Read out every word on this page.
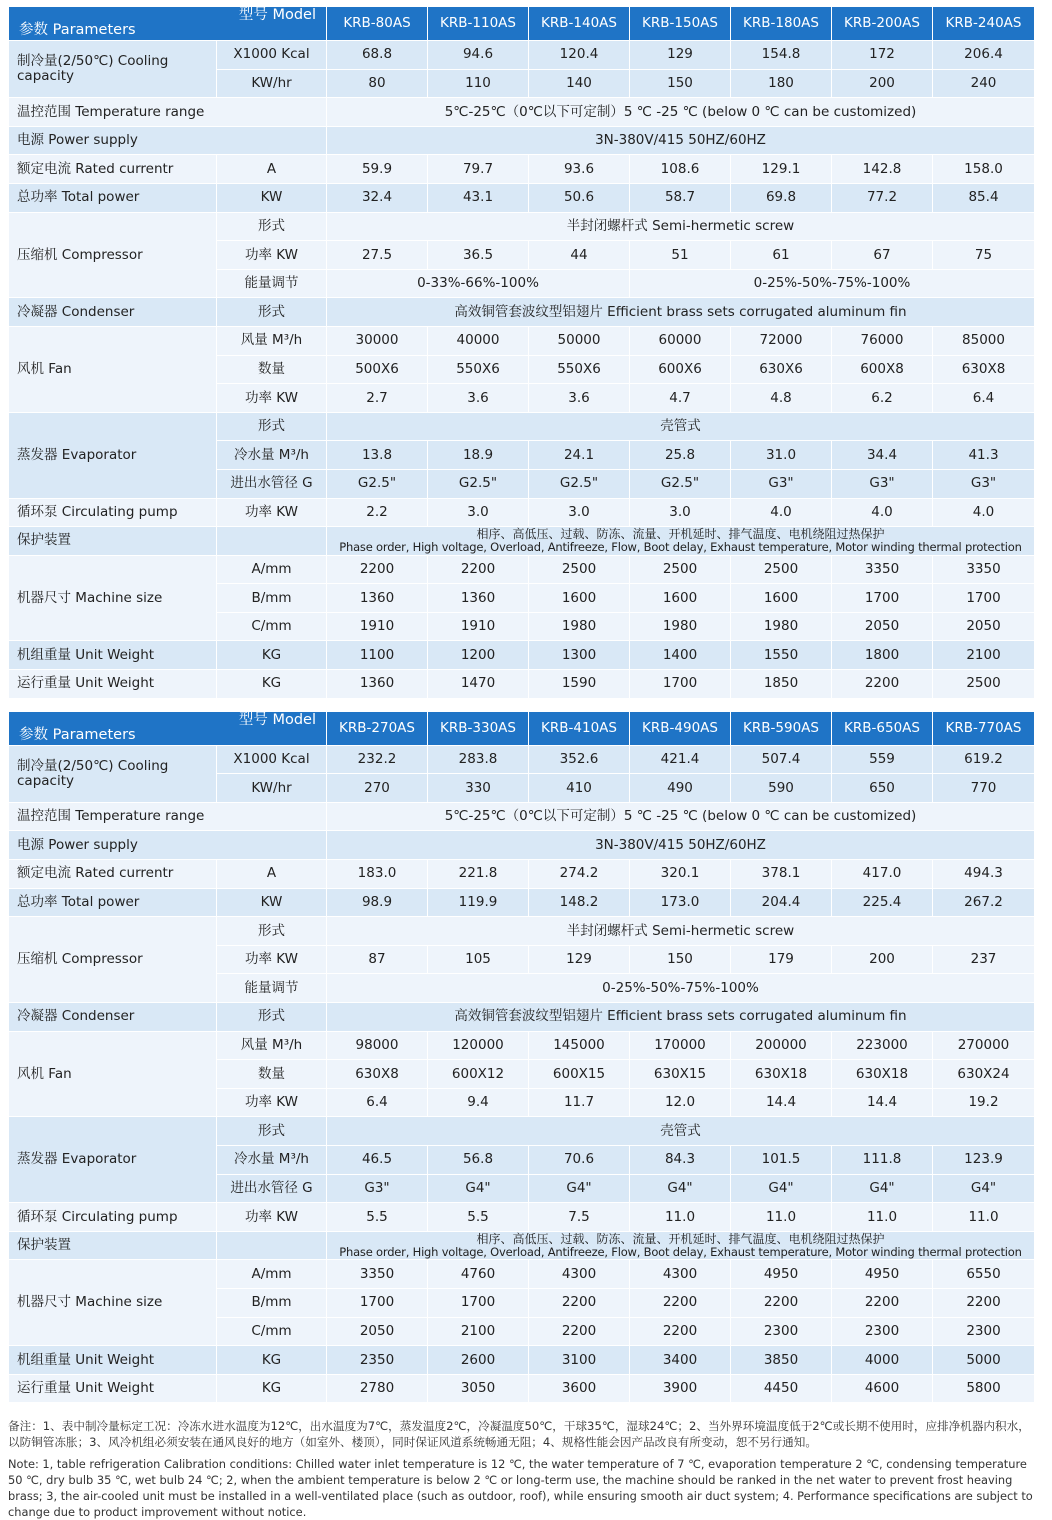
型号 Model
参数 Parameters		KRB-80AS	KRB-110AS	KRB-140AS	KRB-150AS	KRB-180AS	KRB-200AS	KRB-240AS
制冷量(2/50℃) Cooling capacity	X1000 Kcal	68.8	94.6	120.4	129	154.8	172	206.4
	KW/hr	80	110	140	150	180	200	240
温控范围 Temperature range		5℃-25℃（0℃以下可定制）5 ℃ -25 ℃ (below 0 ℃ can be customized)						
电源 Power supply		3N-380V/415 50HZ/60HZ						
额定电流 Rated currentr	A	59.9	79.7	93.6	108.6	129.1	142.8	158.0
总功率 Total power	KW	32.4	43.1	50.6	58.7	69.8	77.2	85.4
压缩机 Compressor	形式	半封闭螺杆式 Semi-hermetic screw						
	功率 KW	27.5	36.5	44	51	61	67	75
	能量调节	0-33%-66%-100%			0-25%-50%-75%-100%			
冷凝器 Condenser	形式	高效铜管套波纹型铝翅片 Efficient brass sets corrugated aluminum fin						
风机 Fan	风量 M³/h	30000	40000	50000	60000	72000	76000	85000
	数量	500X6	550X6	550X6	600X6	630X6	600X8	630X8
	功率 KW	2.7	3.6	3.6	4.7	4.8	6.2	6.4
蒸发器 Evaporator	形式	壳管式						
	冷水量 M³/h	13.8	18.9	24.1	25.8	31.0	34.4	41.3
	进出水管径 G	G2.5"	G2.5"	G2.5"	G2.5"	G3"	G3"	G3"
循环泵 Circulating pump	功率 KW	2.2	3.0	3.0	3.0	4.0	4.0	4.0
保护装置		相序、高低压、过载、防冻、流量、开机延时、排气温度、电机绕阻过热保护
Phase order, High voltage, Overload, Antifreeze, Flow, Boot delay, Exhaust temperature, Motor winding thermal protection						

机器尺寸 Machine size	A/mm	2200	2200	2500	2500	2500	3350	3350
	B/mm	1360	1360	1600	1600	1600	1700	1700
	C/mm	1910	1910	1980	1980	1980	2050	2050
机组重量 Unit Weight	KG	1100	1200	1300	1400	1550	1800	2100
运行重量 Unit Weight	KG	1360	1470	1590	1700	1850	2200	2500
型号 Model
参数 Parameters		KRB-270AS	KRB-330AS	KRB-410AS	KRB-490AS	KRB-590AS	KRB-650AS	KRB-770AS
制冷量(2/50℃) Cooling capacity	X1000 Kcal	232.2	283.8	352.6	421.4	507.4	559	619.2
	KW/hr	270	330	410	490	590	650	770
温控范围 Temperature range		5℃-25℃（0℃以下可定制）5 ℃ -25 ℃ (below 0 ℃ can be customized)						
电源 Power supply		3N-380V/415 50HZ/60HZ						
额定电流 Rated currentr	A	183.0	221.8	274.2	320.1	378.1	417.0	494.3
总功率 Total power	KW	98.9	119.9	148.2	173.0	204.4	225.4	267.2
压缩机 Compressor	形式	半封闭螺杆式 Semi-hermetic screw						
	功率 KW	87	105	129	150	179	200	237
	能量调节	0-25%-50%-75%-100%						
冷凝器 Condenser	形式	高效铜管套波纹型铝翅片 Efficient brass sets corrugated aluminum fin						
风机 Fan	风量 M³/h	98000	120000	145000	170000	200000	223000	270000
	数量	630X8	600X12	600X15	630X15	630X18	630X18	630X24
	功率 KW	6.4	9.4	11.7	12.0	14.4	14.4	19.2
蒸发器 Evaporator	形式	壳管式						
	冷水量 M³/h	46.5	56.8	70.6	84.3	101.5	111.8	123.9
	进出水管径 G	G3"	G4"	G4"	G4"	G4"	G4"	G4"
循环泵 Circulating pump	功率 KW	5.5	5.5	7.5	11.0	11.0	11.0	11.0
保护装置		相序、高低压、过载、防冻、流量、开机延时、排气温度、电机绕阻过热保护
Phase order, High voltage, Overload, Antifreeze, Flow, Boot delay, Exhaust temperature, Motor winding thermal protection						

机器尺寸 Machine size	A/mm	3350	4760	4300	4300	4950	4950	6550
	B/mm	1700	1700	2200	2200	2200	2200	2200
	C/mm	2050	2100	2200	2200	2300	2300	2300
机组重量 Unit Weight	KG	2350	2600	3100	3400	3850	4000	5000
运行重量 Unit Weight	KG	2780	3050	3600	3900	4450	4600	5800
备注：1、表中制冷量标定工况：冷冻水进水温度为12℃，出水温度为7℃，蒸发温度2℃，冷凝温度50℃，干球35℃，湿球24℃；2、当外界环境温度低于2℃或长期不使用时，应排净机器内积水，以防铜管冻胀；3、风冷机组必须安装在通风良好的地方（如室外、楼顶），同时保证风道系统畅通无阻；4、规格性能会因产品改良有所变动，恕不另行通知。
Note: 1, table refrigeration Calibration conditions: Chilled water inlet temperature is 12 ℃, the water temperature of 7 ℃, evaporation temperature 2 ℃, condensing temperature 50 ℃, dry bulb 35 ℃, wet bulb 24 ℃; 2, when the ambient temperature is below 2 ℃ or long-term use, the machine should be ranked in the net water to prevent frost heaving brass; 3, the air-cooled unit must be installed in a well-ventilated place (such as outdoor, roof), while ensuring smooth air duct system; 4. Performance specifications are subject to change due to product improvement without notice.
